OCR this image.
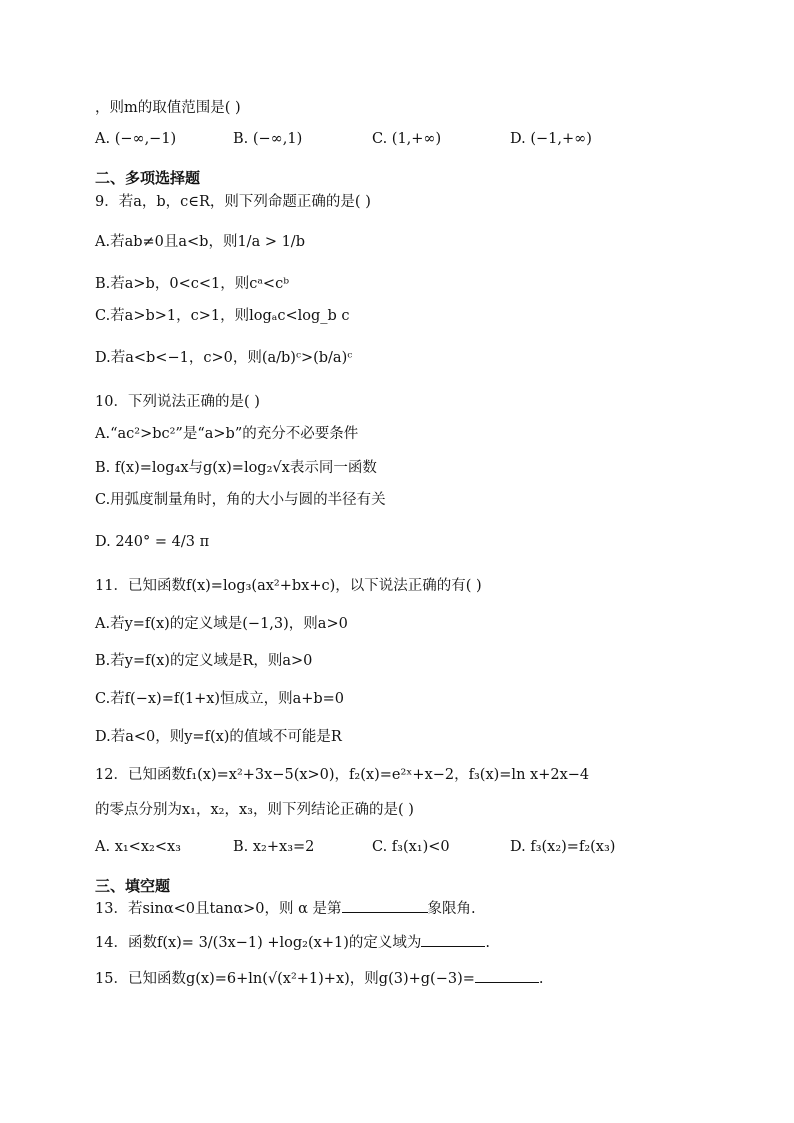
，则m的取值范围是( )
A. (−∞,−1)	B. (−∞,1)	C. (1,+∞)	D. (−1,+∞)
二、多项选择题
9．若a，b，c∈R，则下列命题正确的是( )
A.若ab≠0且a<b，则1/a > 1/b
B.若a>b，0<c<1，则cᵃ<cᵇ
C.若a>b>1，c>1，则logₐc<log_b c
D.若a<b<−1，c>0，则(a/b)ᶜ>(b/a)ᶜ
10．下列说法正确的是( )
A.“ac²>bc²”是“a>b”的充分不必要条件
B. f(x)=log₄x与g(x)=log₂√x表示同一函数
C.用弧度制量角时，角的大小与圆的半径有关
D. 240° = 4/3 π
11．已知函数f(x)=log₃(ax²+bx+c)，以下说法正确的有( )
A.若y=f(x)的定义域是(−1,3)，则a>0
B.若y=f(x)的定义域是R，则a>0
C.若f(−x)=f(1+x)恒成立，则a+b=0
D.若a<0，则y=f(x)的值域不可能是R
12．已知函数f₁(x)=x²+3x−5(x>0)，f₂(x)=e²ˣ+x−2，f₃(x)=ln x+2x−4
的零点分别为x₁，x₂，x₃，则下列结论正确的是( )
A. x₁<x₂<x₃	B. x₂+x₃=2	C. f₃(x₁)<0	D. f₃(x₂)=f₂(x₃)
三、填空题
13．若sinα<0且tanα>0，则 α 是第	象限角.
14．函数f(x)= 3/(3x−1) +log₂(x+1)的定义域为	.
15．已知函数g(x)=6+ln(√(x²+1)+x)，则g(3)+g(−3)=	.
